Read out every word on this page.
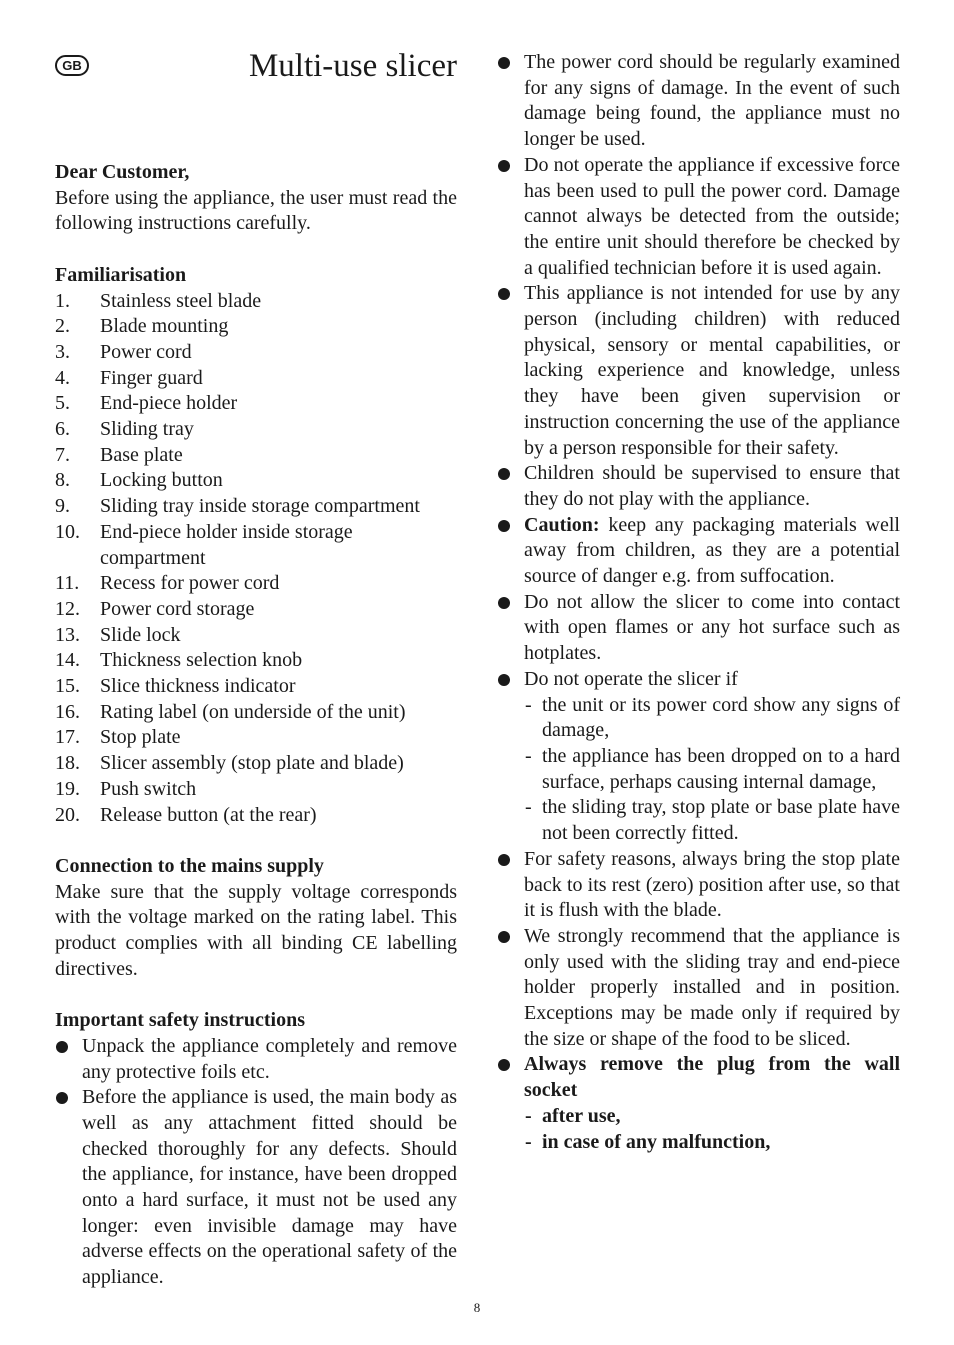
GB	Multi-use slicer
Dear Customer,

Before using the appliance, the user must read the following instructions carefully.

Familiarisation
1.	Stainless steel blade
2.	Blade mounting
3.	Power cord
4.	Finger guard
5.	End-piece holder
6.	Sliding tray
7.	Base plate
8.	Locking button
9.	Sliding tray inside storage compartment
10.	End-piece holder inside storage compartment
11.	Recess for power cord
12.	Power cord storage
13.	Slide lock
14.	Thickness selection knob
15.	Slice thickness indicator
16.	Rating label (on underside of the unit)
17.	Stop plate
18.	Slicer assembly (stop plate and blade)
19.	Push switch
20.	Release button (at the rear)
Connection to the mains supply

Make sure that the supply voltage corresponds with the voltage marked on the rating label. This product complies with all binding CE labelling directives.

Important safety instructions
Unpack the appliance completely and remove any protective foils etc.
Before the appliance is used, the main body as well as any attachment fitted should be checked thoroughly for any defects. Should the appliance, for instance, have been dropped onto a hard surface, it must not be used any longer: even invisible damage may have adverse effects on the operational safety of the appliance.
The power cord should be regularly examined for any signs of damage. In the event of such damage being found, the appliance must no longer be used.
Do not operate the appliance if excessive force has been used to pull the power cord. Damage cannot always be detected from the outside; the entire unit should therefore be checked by a qualified technician before it is used again.
This appliance is not intended for use by any person (including children) with reduced physical, sensory or mental capabilities, or lacking experience and knowledge, unless they have been given supervision or instruction concerning the use of the appliance by a person responsible for their safety.
Children should be supervised to ensure that they do not play with the appliance.
Caution: keep any packaging materials well away from children, as they are a potential source of danger e.g. from suffocation.
Do not allow the slicer to come into contact with open flames or any hot surface such as hotplates.
Do not operate the slicer if
- the unit or its power cord show any signs of damage,
- the appliance has been dropped on to a hard surface, perhaps causing internal damage,
- the sliding tray, stop plate or base plate have not been correctly fitted.
For safety reasons, always bring the stop plate back to its rest (zero) position after use, so that it is flush with the blade.
We strongly recommend that the appliance is only used with the sliding tray and end-piece holder properly installed and in position. Exceptions may be made only if required by the size or shape of the food to be sliced.
Always remove the plug from the wall socket
- after use,
- in case of any malfunction,
8
